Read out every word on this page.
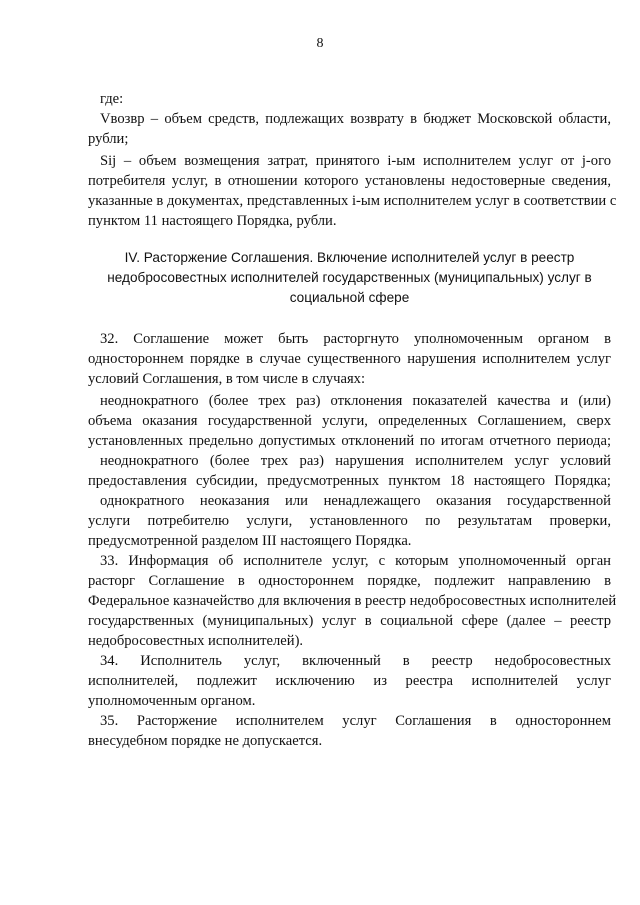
8
где:
Vвозвр – объем средств, подлежащих возврату в бюджет Московской области,
рубли;
Sij – объем возмещения затрат, принятого i-ым исполнителем услуг от j-ого
потребителя услуг, в отношении которого установлены недостоверные сведения,
указанные в документах, представленных i-ым исполнителем услуг в соответствии с
пунктом 11 настоящего Порядка, рубли.
IV. Расторжение Соглашения. Включение исполнителей услуг в реестр
недобросовестных исполнителей государственных (муниципальных) услуг в
социальной сфере
32. Соглашение может быть расторгнуто уполномоченным органом в
одностороннем порядке в случае существенного нарушения исполнителем услуг
условий Соглашения, в том числе в случаях:
неоднократного (более трех раз) отклонения показателей качества и (или)
объема оказания государственной услуги, определенных Соглашением, сверх
установленных предельно допустимых отклонений по итогам отчетного периода;
неоднократного (более трех раз) нарушения исполнителем услуг условий
предоставления субсидии, предусмотренных пунктом 18 настоящего Порядка;
однократного неоказания или ненадлежащего оказания государственной
услуги потребителю услуги, установленного по результатам проверки,
предусмотренной разделом III настоящего Порядка.
33. Информация об исполнителе услуг, с которым уполномоченный орган
расторг Соглашение в одностороннем порядке, подлежит направлению в
Федеральное казначейство для включения в реестр недобросовестных исполнителей
государственных (муниципальных) услуг в социальной сфере (далее – реестр
недобросовестных исполнителей).
34. Исполнитель услуг, включенный в реестр недобросовестных
исполнителей, подлежит исключению из реестра исполнителей услуг
уполномоченным органом.
35. Расторжение исполнителем услуг Соглашения в одностороннем
внесудебном порядке не допускается.
